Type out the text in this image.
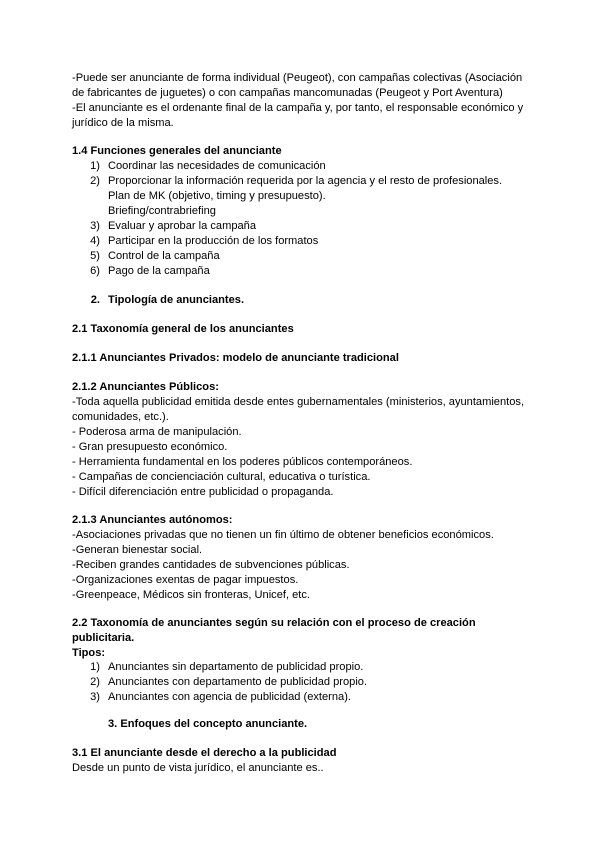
-Puede ser anunciante de forma individual (Peugeot), con campañas colectivas (Asociación
de fabricantes de juguetes) o con campañas mancomunadas (Peugeot y Port Aventura)
-El anunciante es el ordenante final de la campaña y, por tanto, el responsable económico y
jurídico de la misma.
1.4 Funciones generales del anunciante
1) Coordinar las necesidades de comunicación
2) Proporcionar la información requerida por la agencia y el resto de profesionales.
Plan de MK (objetivo, timing y presupuesto).
Briefing/contrabriefing
3) Evaluar y aprobar la campaña
4) Participar en la producción de los formatos
5) Control de la campaña
6) Pago de la campaña
2. Tipología de anunciantes.
2.1 Taxonomía general de los anunciantes
2.1.1 Anunciantes Privados: modelo de anunciante tradicional
2.1.2 Anunciantes Públicos:
-Toda aquella publicidad emitida desde entes gubernamentales (ministerios, ayuntamientos,
comunidades, etc.).
- Poderosa arma de manipulación.
- Gran presupuesto económico.
- Herramienta fundamental en los poderes públicos contemporáneos.
- Campañas de concienciación cultural, educativa o turística.
- Difícil diferenciación entre publicidad o propaganda.
2.1.3 Anunciantes autónomos:
-Asociaciones privadas que no tienen un fin último de obtener beneficios económicos.
-Generan bienestar social.
-Reciben grandes cantidades de subvenciones públicas.
-Organizaciones exentas de pagar impuestos.
-Greenpeace, Médicos sin fronteras, Unicef, etc.
2.2 Taxonomía de anunciantes según su relación con el proceso de creación
publicitaria.
Tipos:
1) Anunciantes sin departamento de publicidad propio.
2) Anunciantes con departamento de publicidad propio.
3) Anunciantes con agencia de publicidad (externa).
3. Enfoques del concepto anunciante.
3.1 El anunciante desde el derecho a la publicidad
Desde un punto de vista jurídico, el anunciante es..
